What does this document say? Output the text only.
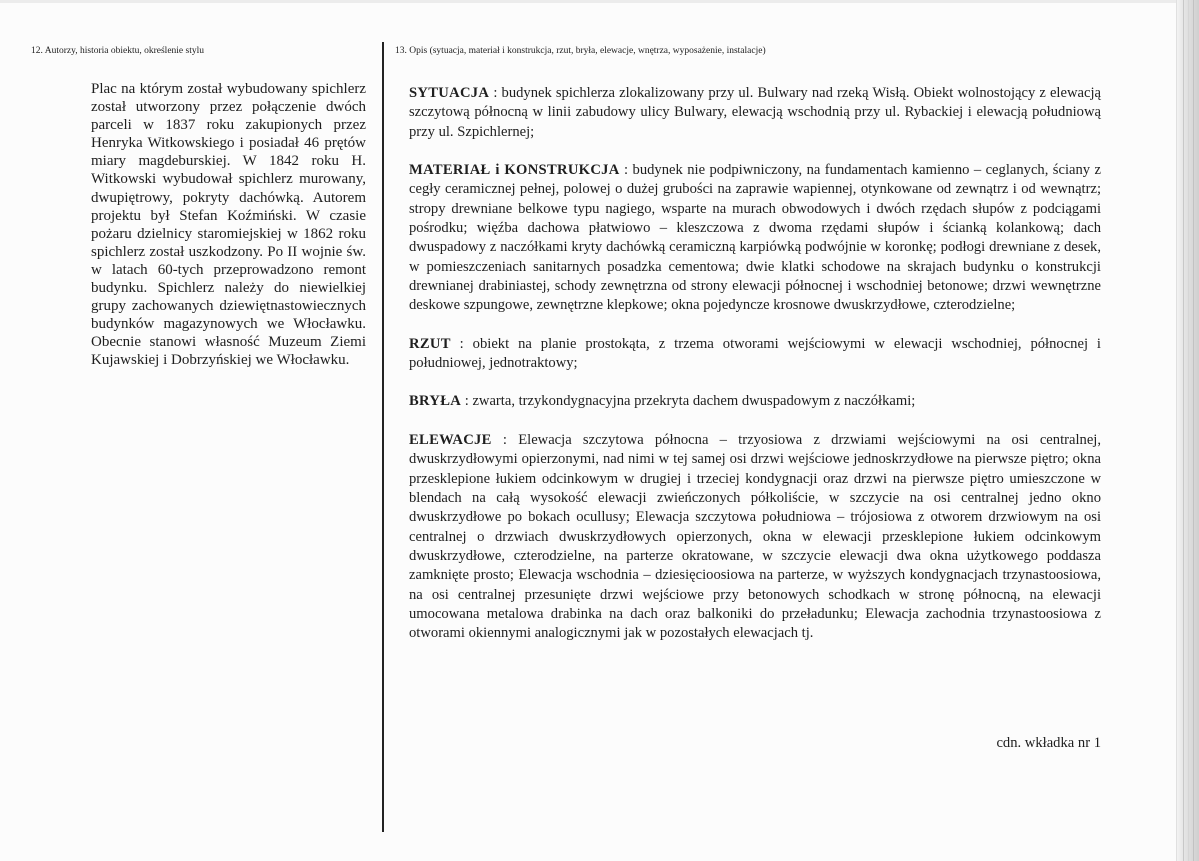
12. Autorzy, historia obiektu, określenie stylu	13. Opis (sytuacja, materiał i konstrukcja, rzut, bryła, elewacje, wnętrza, wyposażenie, instalacje)

Plac na którym został wybudowany spichlerz został utworzony przez połączenie dwóch parceli w 1837 roku zakupionych przez Henryka Witkowskiego i posiadał 46 prętów miary magdeburskiej. W 1842 roku H. Witkowski wybudował spichlerz murowany, dwupiętrowy, pokryty dachówką. Autorem projektu był Stefan Koźmiński. W czasie pożaru dzielnicy staromiejskiej w 1862 roku spichlerz został uszkodzony. Po II wojnie św. w latach 60-tych przeprowadzono remont budynku. Spichlerz należy do niewielkiej grupy zachowanych dziewiętnastowiecznych budynków magazynowych we Włocławku. Obecnie stanowi własność Muzeum Ziemi Kujawskiej i Dobrzyńskiej we Włocławku.

SYTUACJA : budynek spichlerza zlokalizowany przy ul. Bulwary nad rzeką Wisłą. Obiekt wolnostojący z elewacją szczytową północną w linii zabudowy ulicy Bulwary, elewacją wschodnią przy ul. Rybackiej i elewacją południową przy ul. Szpichlernej;

MATERIAŁ i KONSTRUKCJA : budynek nie podpiwniczony, na fundamentach kamienno – ceglanych, ściany z cegły ceramicznej pełnej, polowej o dużej grubości na zaprawie wapiennej, otynkowane od zewnątrz i od wewnątrz; stropy drewniane belkowe typu nagiego, wsparte na murach obwodowych i dwóch rzędach słupów z podciągami pośrodku; więźba dachowa płatwiowo – kleszczowa z dwoma rzędami słupów i ścianką kolankową; dach dwuspadowy z naczółkami kryty dachówką ceramiczną karpiówką podwójnie w koronkę; podłogi drewniane z desek, w pomieszczeniach sanitarnych posadzka cementowa; dwie klatki schodowe na skrajach budynku o konstrukcji drewnianej drabiniastej, schody zewnętrzna od strony elewacji północnej i wschodniej betonowe; drzwi wewnętrzne deskowe szpungowe, zewnętrzne klepkowe; okna pojedyncze krosnowe dwuskrzydłowe, czterodzielne;

RZUT : obiekt na planie prostokąta, z trzema otworami wejściowymi w elewacji wschodniej, północnej i południowej, jednotraktowy;

BRYŁA : zwarta, trzykondygnacyjna przekryta dachem dwuspadowym z naczółkami;

ELEWACJE : Elewacja szczytowa północna – trzyosiowa z drzwiami wejściowymi na osi centralnej, dwuskrzydłowymi opierzonymi, nad nimi w tej samej osi drzwi wejściowe jednoskrzydłowe na pierwsze piętro; okna przesklepione łukiem odcinkowym w drugiej i trzeciej kondygnacji oraz drzwi na pierwsze piętro umieszczone w blendach na całą wysokość elewacji zwieńczonych półkoliście, w szczycie na osi centralnej jedno okno dwuskrzydłowe po bokach ocullusy; Elewacja szczytowa południowa – trójosiowa z otworem drzwiowym na osi centralnej o drzwiach dwuskrzydłowych opierzonych, okna w elewacji przesklepione łukiem odcinkowym dwuskrzydłowe, czterodzielne, na parterze okratowane, w szczycie elewacji dwa okna użytkowego poddasza zamknięte prosto; Elewacja wschodnia – dziesięcioosiowa na parterze, w wyższych kondygnacjach trzynastoosiowa, na osi centralnej przesunięte drzwi wejściowe przy betonowych schodkach w stronę północną, na elewacji umocowana metalowa drabinka na dach oraz balkoniki do przeładunku; Elewacja zachodnia trzynastoosiowa z otworami okiennymi analogicznymi jak w pozostałych elewacjach tj.

cdn. wkładka nr 1
